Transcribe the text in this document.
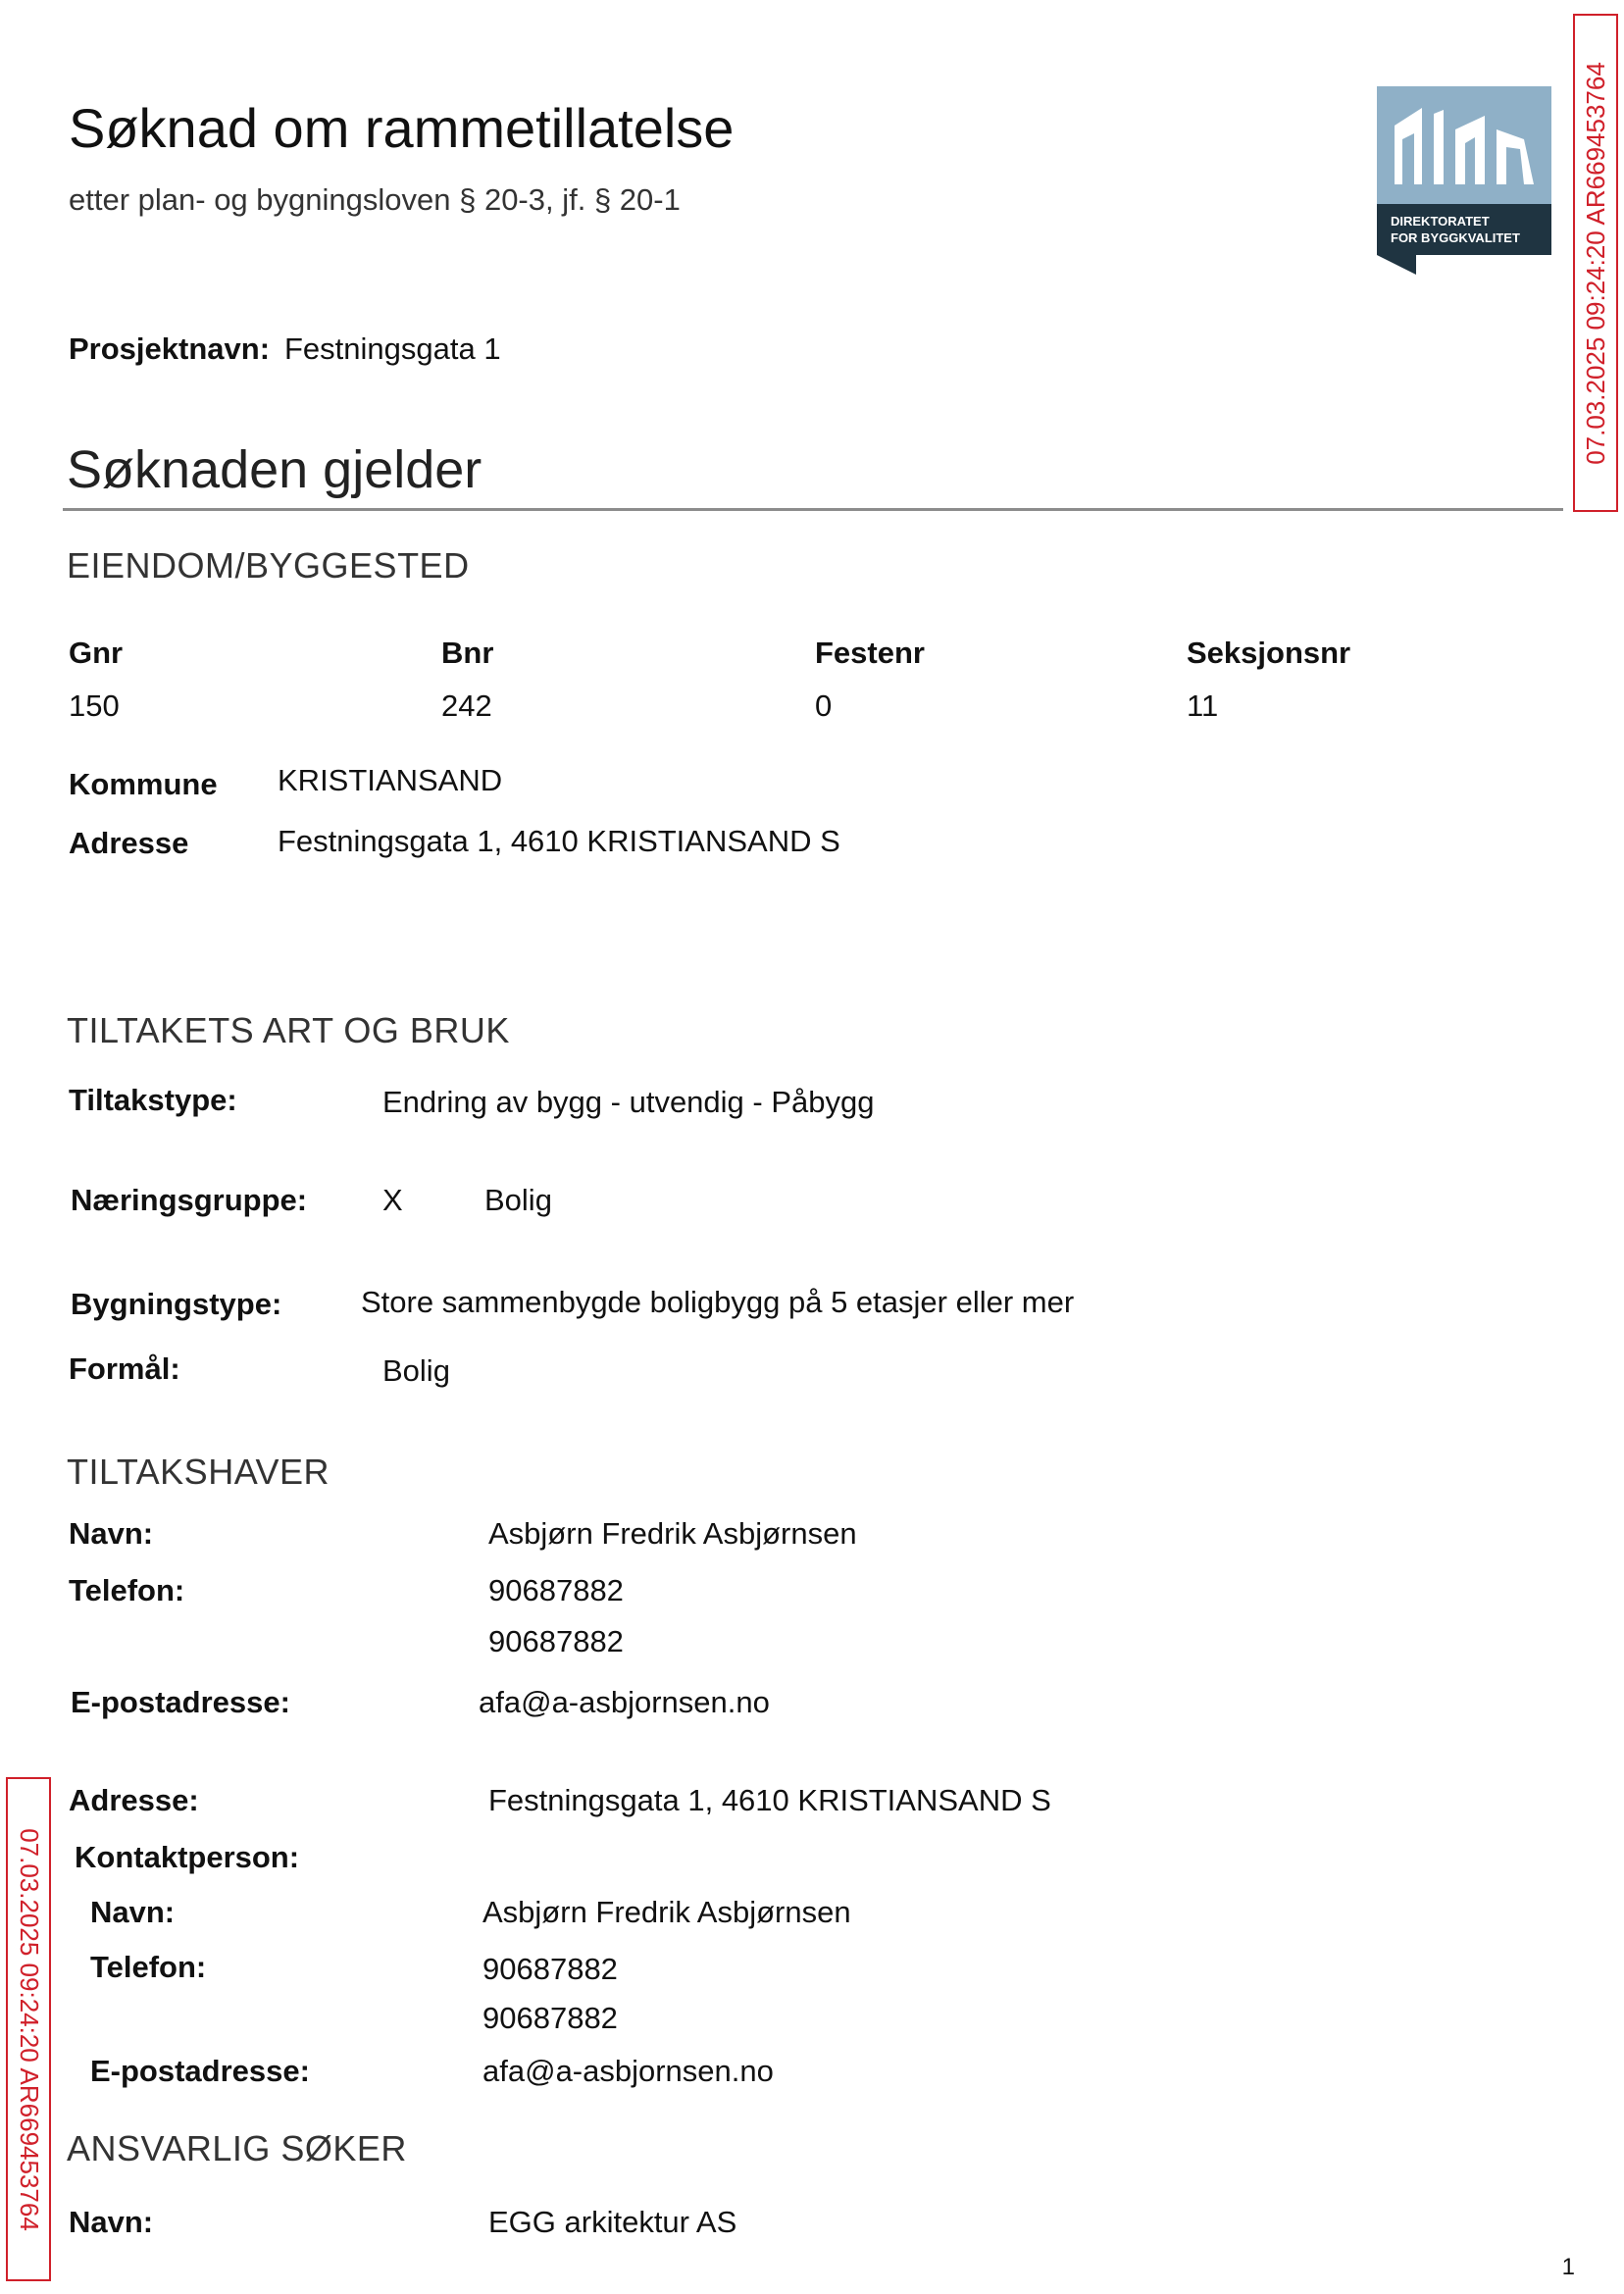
Søknad om rammetillatelse
etter plan- og bygningsloven § 20-3, jf. § 20-1
DIREKTORATET
FOR BYGGKVALITET 07.03.2025 09:24:20 AR669453764
07.03.2025 09:24:20 AR669453764
Prosjektnavn: Festningsgata 1
Søknaden gjelder
EIENDOM/BYGGESTED
Gnr	Bnr	Festenr	Seksjonsnr
150	242	0	11
Kommune KRISTIANSAND
Adresse	Festningsgata 1, 4610 KRISTIANSAND S
TILTAKETS ART OG BRUK
Tiltakstype:	Endring av bygg - utvendig - Påbygg
Næringsgruppe: X	Bolig
Bygningstype:	Store sammenbygde boligbygg på 5 etasjer eller mer
Formål:	Bolig
TILTAKSHAVER
Navn:	Asbjørn Fredrik Asbjørnsen
Telefon:	90687882
90687882
E-postadresse:	afa@a-asbjornsen.no
Adresse:	Festningsgata 1, 4610 KRISTIANSAND S
Kontaktperson:
Navn:	Asbjørn Fredrik Asbjørnsen
Telefon:	90687882
90687882
E-postadresse:	afa@a-asbjornsen.no
ANSVARLIG SØKER
Navn:	EGG arkitektur AS
1
